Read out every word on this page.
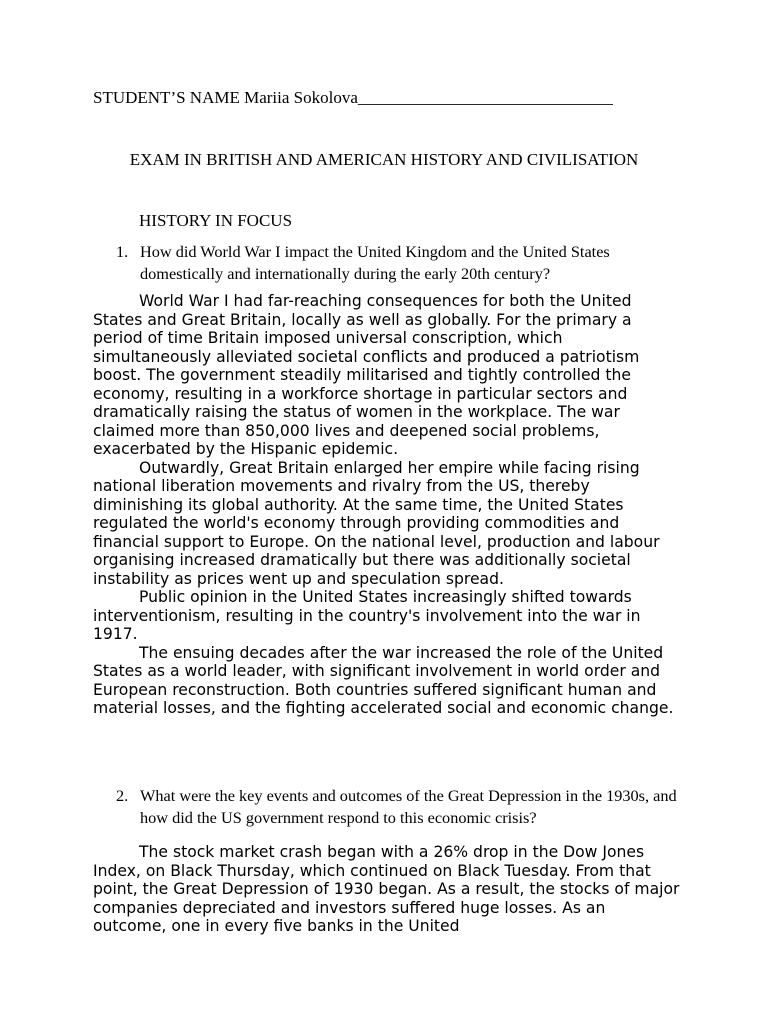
STUDENT’S NAME Mariia Sokolova______________________________
EXAM IN BRITISH AND AMERICAN HISTORY AND CIVILISATION
HISTORY IN FOCUS
1. How did World War I impact the United Kingdom and the United States domestically and internationally during the early 20th century?

World War I had far-reaching consequences for both the United States and Great Britain, locally as well as globally. For the primary a period of time Britain imposed universal conscription, which simultaneously alleviated societal conflicts and produced a patriotism boost. The government steadily militarised and tightly controlled the economy, resulting in a workforce shortage in particular sectors and dramatically raising the status of women in the workplace. The war claimed more than 850,000 lives and deepened social problems, exacerbated by the Hispanic epidemic.

Outwardly, Great Britain enlarged her empire while facing rising national liberation movements and rivalry from the US, thereby diminishing its global authority. At the same time, the United States regulated the world's economy through providing commodities and financial support to Europe. On the national level, production and labour organising increased dramatically but there was additionally societal instability as prices went up and speculation spread.

Public opinion in the United States increasingly shifted towards interventionism, resulting in the country's involvement into the war in 1917.

The ensuing decades after the war increased the role of the United States as a world leader, with significant involvement in world order and European reconstruction. Both countries suffered significant human and material losses, and the fighting accelerated social and economic change.

2. What were the key events and outcomes of the Great Depression in the 1930s, and how did the US government respond to this economic crisis?

The stock market crash began with a 26% drop in the Dow Jones Index, on Black Thursday, which continued on Black Tuesday. From that point, the Great Depression of 1930 began. As a result, the stocks of major companies depreciated and investors suffered huge losses. As an outcome, one in every five banks in the United
